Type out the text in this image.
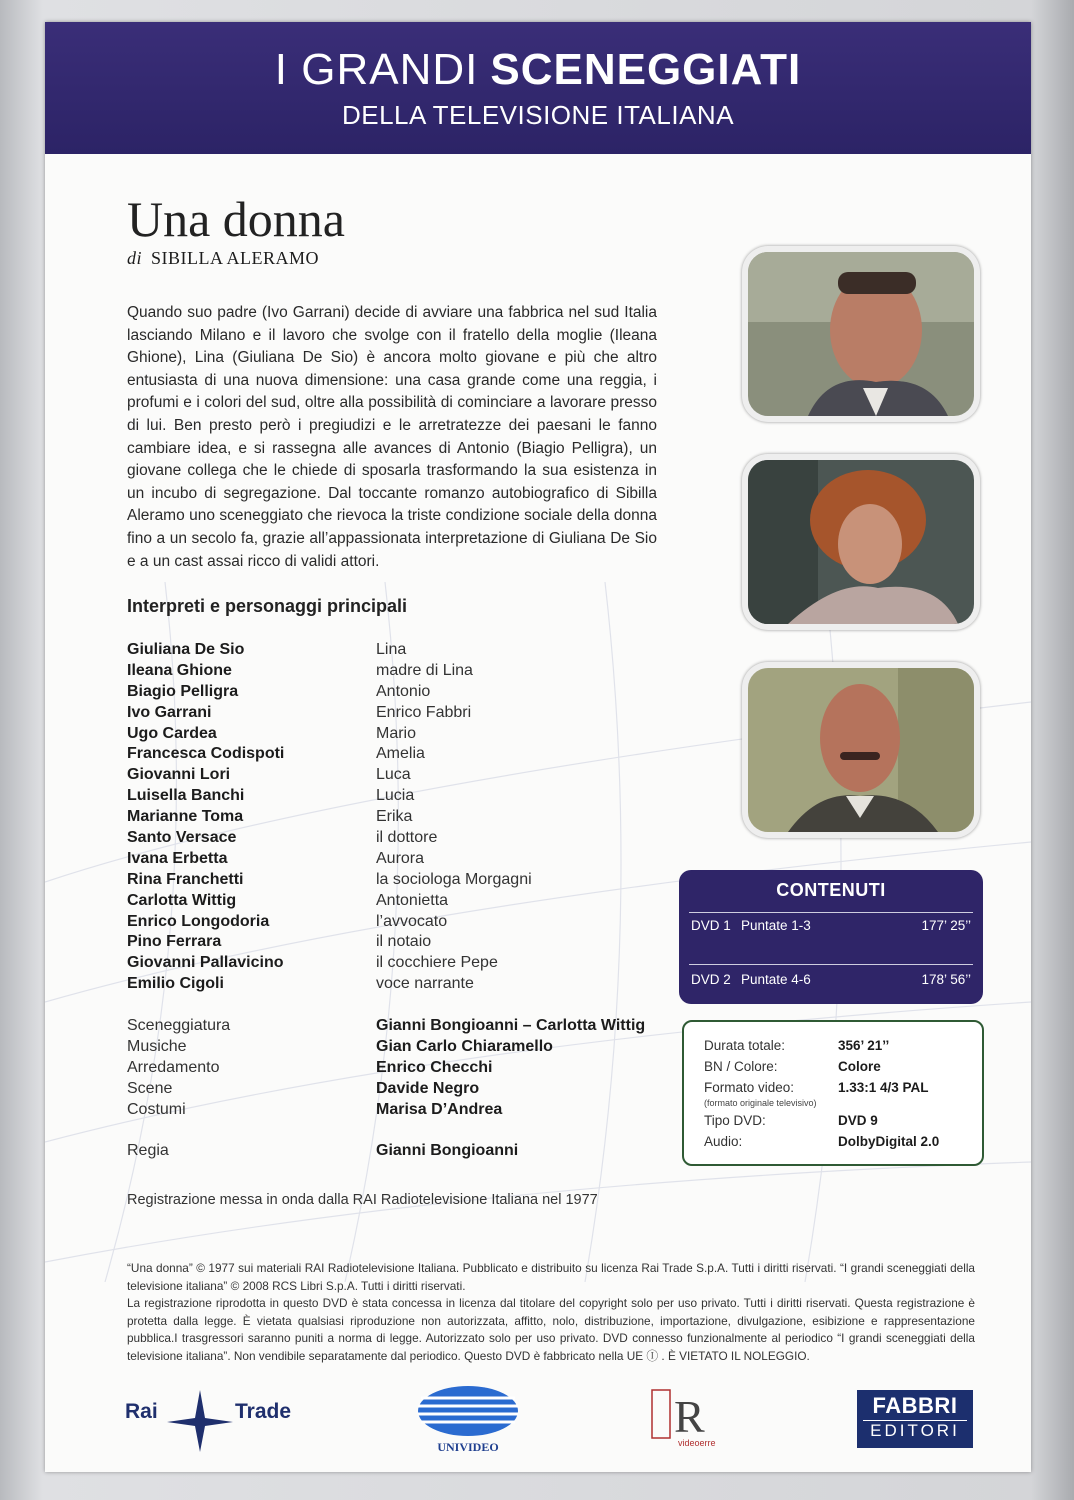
I GRANDI SCENEGGIATI
DELLA TELEVISIONE ITALIANA
Una donna
di SIBILLA ALERAMO
Quando suo padre (Ivo Garrani) decide di avviare una fabbrica nel sud Italia lasciando Milano e il lavoro che svolge con il fratello della moglie (Ileana Ghione), Lina (Giuliana De Sio) è ancora molto giovane e più che altro entusiasta di una nuova dimensione: una casa grande come una reggia, i profumi e i colori del sud, oltre alla possibilità di cominciare a lavorare presso di lui. Ben presto però i pregiudizi e le arretratezze dei paesani le fanno cambiare idea, e si rassegna alle avances di Antonio (Biagio Pelligra), un giovane collega che le chiede di sposarla trasformando la sua esistenza in un incubo di segregazione. Dal toccante romanzo autobiografico di Sibilla Aleramo uno sceneggiato che rievoca la triste condizione sociale della donna fino a un secolo fa, grazie all’appassionata interpretazione di Giuliana De Sio e a un cast assai ricco di validi attori.
Interpreti e personaggi principali
Giuliana De Sio	Lina
Ileana Ghione	madre di Lina
Biagio Pelligra	Antonio
Ivo Garrani	Enrico Fabbri
Ugo Cardea	Mario
Francesca Codispoti	Amelia
Giovanni Lori	Luca
Luisella Banchi	Lucia
Marianne Toma	Erika
Santo Versace	il dottore
Ivana Erbetta	Aurora
Rina Franchetti	la sociologa Morgagni
Carlotta Wittig	Antonietta
Enrico Longodoria	l’avvocato
Pino Ferrara	il notaio
Giovanni Pallavicino	il cocchiere Pepe
Emilio Cigoli	voce narrante
Sceneggiatura	Gianni Bongioanni – Carlotta Wittig
Musiche	Gian Carlo Chiaramello
Arredamento	Enrico Checchi
Scene	Davide Negro
Costumi	Marisa D’Andrea
Regia	Gianni Bongioanni
Registrazione messa in onda dalla RAI Radiotelevisione Italiana nel 1977

“Una donna” © 1977 sui materiali RAI Radiotelevisione Italiana. Pubblicato e distribuito su licenza Rai Trade S.p.A. Tutti i diritti riservati. “I grandi sceneggiati della televisione italiana” © 2008 RCS Libri S.p.A. Tutti i diritti riservati.

La registrazione riprodotta in questo DVD è stata concessa in licenza dal titolare del copyright solo per uso privato. Tutti i diritti riservati. Questa registrazione è protetta dalla legge. È vietata qualsiasi riproduzione non autorizzata, affitto, nolo, distribuzione, importazione, divulgazione, esibizione e rappresentazione pubblica.I trasgressori saranno puniti a norma di legge. Autorizzato solo per uso privato. DVD connesso funzionalmente al periodico “I grandi sceneggiati della televisione italiana”. Non vendibile separatamente dal periodico. Questo DVD è fabbricato nella UE Ⓘ . È VIETATO IL NOLEGGIO.

CONTENUTI
DVD 1 Puntate 1-3	177’ 25’’
DVD 2 Puntate 4-6	178’ 56’’
Durata totale:	356’ 21’’
BN / Colore:	Colore
Formato video:	1.33:1 4/3 PAL
(formato originale televisivo)
Tipo DVD:	DVD 9
Audio:	DolbyDigital 2.0
Rai	Trade
UNIVIDEO
R
videoerre
FABBRI
EDITORI
